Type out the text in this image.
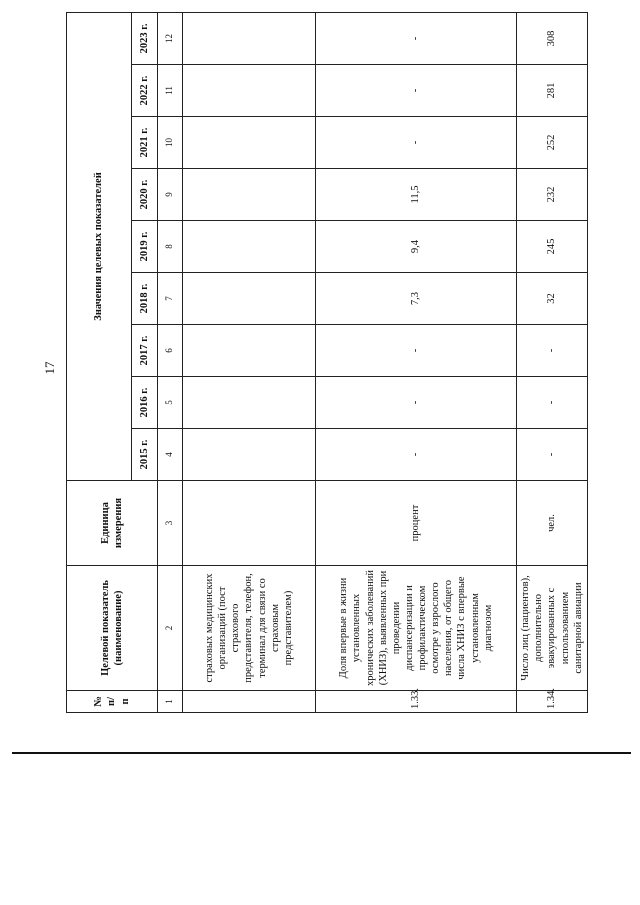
17
№ п/п	Целевой показатель (наименование)	Единица измерения	Значения целевых показателей								
			2015 г.	2016 г.	2017 г.	2018 г.	2019 г.	2020 г.	2021 г.	2022 г.	2023 г.
1	2	3	4	5	6	7	8	9	10	11	12
	страховых медицинских организаций (пост страхового представителя, телефон, терминал для связи со страховым представителем)										
1.33.	Доля впервые в жизни установленных хронических заболеваний (ХНИЗ), выявленных при проведении диспансеризации и профилактическом осмотре у взрослого населения, от общего числа ХНИЗ с впервые установленным диагнозом	процент	-	-	-	7,3	9,4	11,5	-	-	-
1.34.	Число лиц (пациентов), дополнительно эвакуированных с использованием санитарной авиации	чел.	-	-	-	32	245	232	252	281	308
